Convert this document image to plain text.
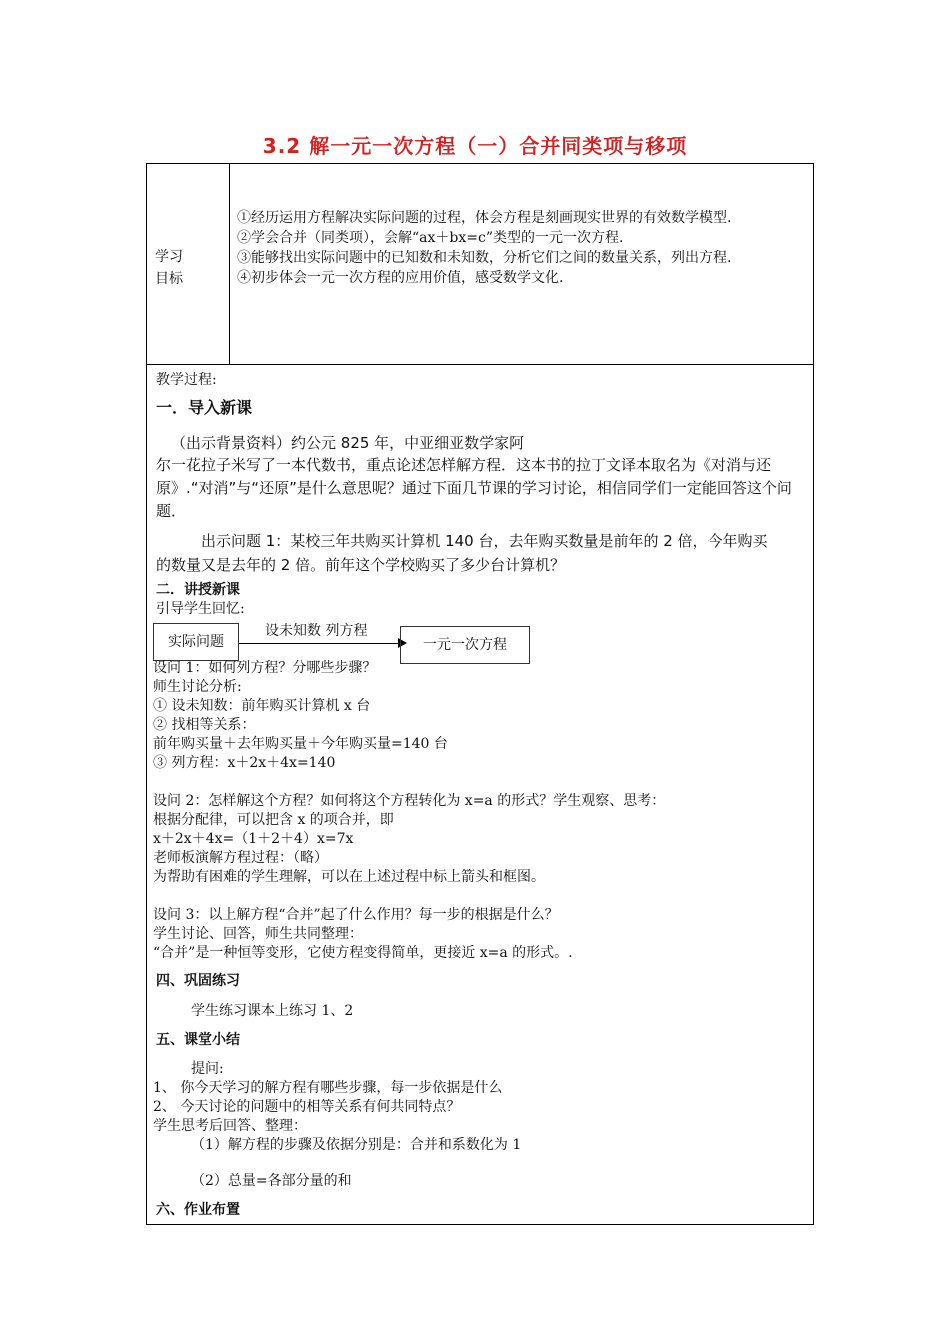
3.2 解一元一次方程（一）合并同类项与移项
学习
目标

①经历运用方程解决实际问题的过程，体会方程是刻画现实世界的有效数学模型.

②学会合并（同类项），会解“ax＋bx=c”类型的一元一次方程.

③能够找出实际问题中的已知数和未知数，分析它们之间的数量关系，列出方程.

④初步体会一元一次方程的应用价值，感受数学文化.

教学过程:
一．导入新课
（出示背景资料）约公元 825 年，中亚细亚数学家阿
尔一花拉子米写了一本代数书，重点论述怎样解方程．这本书的拉丁文译本取名为《对消与还原》.“对消”与“还原”是什么意思呢？通过下面几节课的学习讨论，相信同学们一定能回答这个问题．
出示问题 1：某校三年共购买计算机 140 台，去年购买数量是前年的 2 倍，今年购买
的数量又是去年的 2 倍。前年这个学校购买了多少台计算机？
二．讲授新课
引导学生回忆:
实际问题
设未知数 列方程
一元一次方程
设问 1：如何列方程？分哪些步骤？
师生讨论分析:
① 设未知数：前年购买计算机 x 台
② 找相等关系：
前年购买量＋去年购买量＋今年购买量=140 台
③ 列方程：x＋2x＋4x=140
设问 2：怎样解这个方程？如何将这个方程转化为 x=a 的形式？学生观察、思考：
根据分配律，可以把含 x 的项合并，即
x＋2x＋4x=（1＋2＋4）x=7x
老师板演解方程过程：（略）
为帮助有困难的学生理解，可以在上述过程中标上箭头和框图。
设问 3：以上解方程“合并”起了什么作用？每一步的根据是什么？
学生讨论、回答，师生共同整理：
“合并”是一种恒等变形，它使方程变得简单，更接近 x=a 的形式。.
四、巩固练习
学生练习课本上练习 1、2
五、课堂小结
提问:
1、 你今天学习的解方程有哪些步骤，每一步依据是什么
2、 今天讨论的问题中的相等关系有何共同特点？
学生思考后回答、整理：
（1）解方程的步骤及依据分别是：合并和系数化为 1
（2）总量=各部分量的和
六、作业布置
